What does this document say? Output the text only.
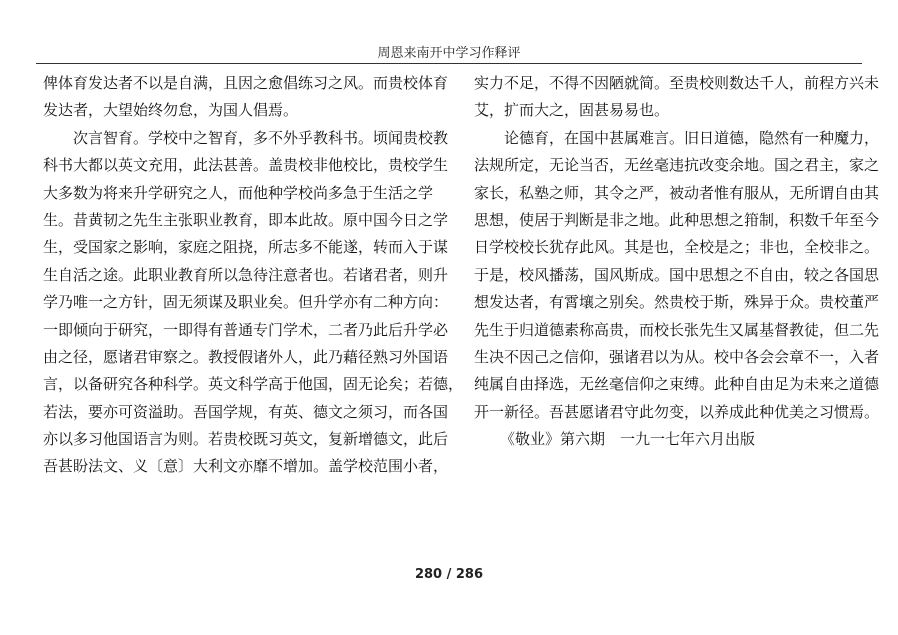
周恩来南开中学习作释评
俾体育发达者不以是自满，且因之愈倡练习之风。而贵校体育
发达者，大望始终勿怠，为国人倡焉。
次言智育。学校中之智育，多不外乎教科书。顷闻贵校教
科书大都以英文充用，此法甚善。盖贵校非他校比，贵校学生
大多数为将来升学研究之人，而他种学校尚多急于生活之学
生。昔黄韧之先生主张职业教育，即本此故。原中国今日之学
生，受国家之影响，家庭之阻挠，所志多不能遂，转而入于谋
生自活之途。此职业教育所以急待注意者也。若诸君者，则升
学乃唯一之方针，固无须谋及职业矣。但升学亦有二种方向：
一即倾向于研究，一即得有普通专门学术，二者乃此后升学必
由之径，愿诸君审察之。教授假诸外人，此乃藉径熟习外国语
言，以备研究各种科学。英文科学高于他国，固无论矣；若德，
若法，要亦可资溢助。吾国学规，有英、德文之须习，而各国
亦以多习他国语言为则。若贵校既习英文，复新增德文，此后
吾甚盼法文、义〔意〕大利文亦靡不增加。盖学校范围小者，
实力不足，不得不因陋就简。至贵校则数达千人，前程方兴未
艾，扩而大之，固甚易易也。
论德育，在国中甚属难言。旧日道德，隐然有一种魔力，
法规所定，无论当否，无丝毫违抗改变余地。国之君主，家之
家长，私塾之师，其令之严，被动者惟有服从，无所谓自由其
思想，使居于判断是非之地。此种思想之箝制，积数千年至今
日学校校长犹存此风。其是也，全校是之；非也，全校非之。
于是，校风播荡，国风斯成。国中思想之不自由，较之各国思
想发达者，有霄壤之别矣。然贵校于斯，殊异于众。贵校董严
先生于归道德素称高贵，而校长张先生又属基督教徒，但二先
生决不因己之信仰，强诸君以为从。校中各会会章不一，入者
纯属自由择选，无丝毫信仰之束缚。此种自由足为未来之道德
开一新径。吾甚愿诸君守此勿变，以养成此种优美之习惯焉。
《敬业》第六期　一九一七年六月出版
280 / 286
